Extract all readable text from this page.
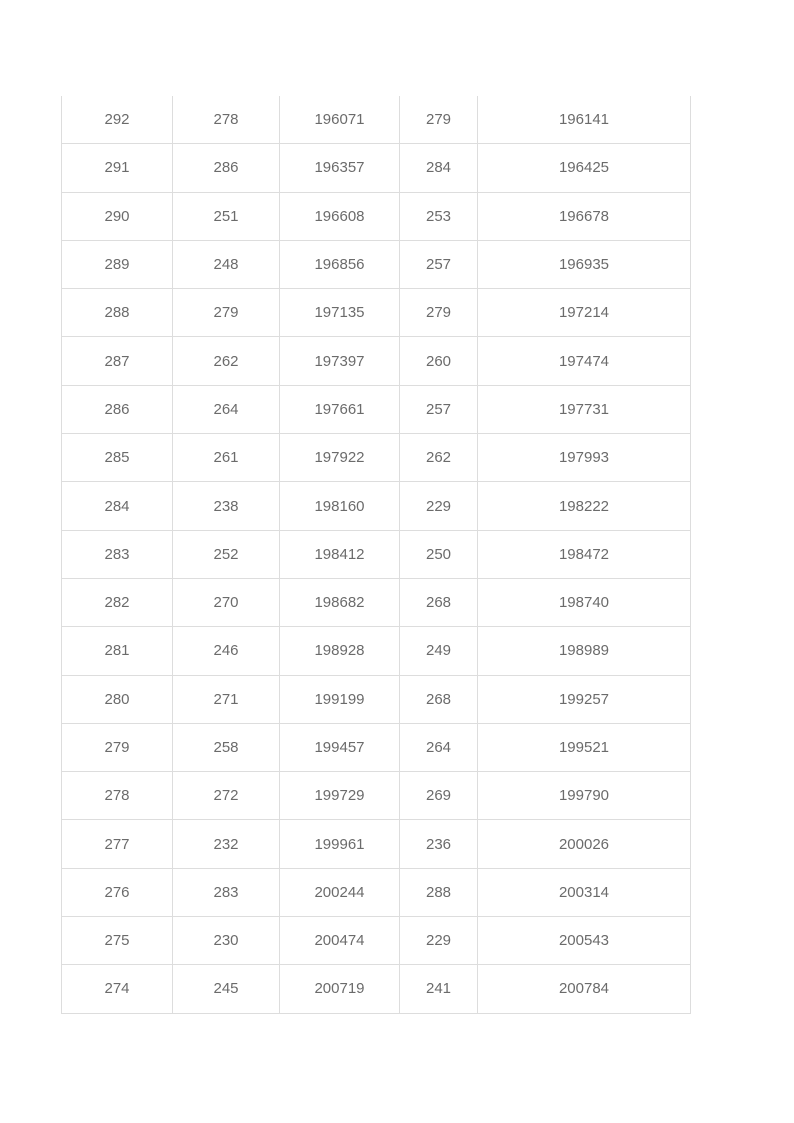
292	278	196071	279	196141
291	286	196357	284	196425
290	251	196608	253	196678
289	248	196856	257	196935
288	279	197135	279	197214
287	262	197397	260	197474
286	264	197661	257	197731
285	261	197922	262	197993
284	238	198160	229	198222
283	252	198412	250	198472
282	270	198682	268	198740
281	246	198928	249	198989
280	271	199199	268	199257
279	258	199457	264	199521
278	272	199729	269	199790
277	232	199961	236	200026
276	283	200244	288	200314
275	230	200474	229	200543
274	245	200719	241	200784
